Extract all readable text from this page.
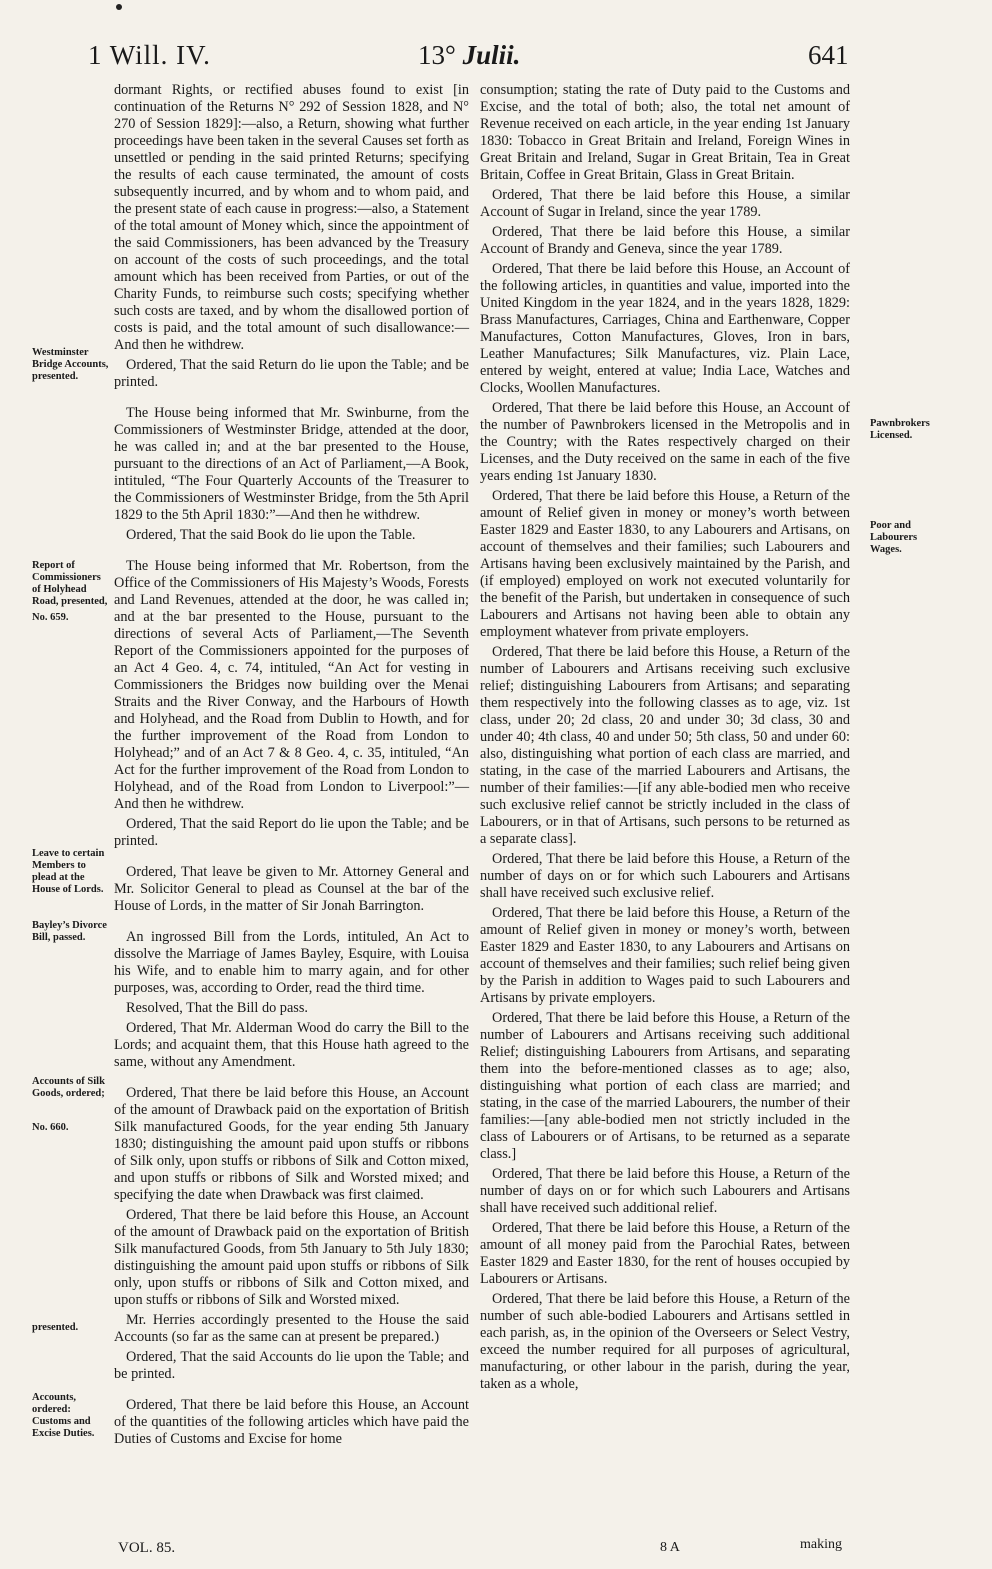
1 Will. IV.	13° Julii.	641

dormant Rights, or rectified abuses found to exist [in continuation of the Returns N° 292 of Session 1828, and N° 270 of Session 1829]:—also, a Return, showing what further proceedings have been taken in the several Causes set forth as unsettled or pending in the said printed Returns; specifying the results of each cause terminated, the amount of costs subsequently incurred, and by whom and to whom paid, and the present state of each cause in progress:—also, a Statement of the total amount of Money which, since the appointment of the said Commissioners, has been advanced by the Treasury on account of the costs of such proceedings, and the total amount which has been received from Parties, or out of the Charity Funds, to reimburse such costs; specifying whether such costs are taxed, and by whom the disallowed portion of costs is paid, and the total amount of such disallowance:—And then he withdrew.

Ordered, That the said Return do lie upon the Table; and be printed.

The House being informed that Mr. Swinburne, from the Commissioners of Westminster Bridge, attended at the door, he was called in; and at the bar presented to the House, pursuant to the directions of an Act of Parliament,—A Book, intituled, “The Four Quarterly Accounts of the Treasurer to the Commissioners of Westminster Bridge, from the 5th April 1829 to the 5th April 1830:”—And then he withdrew.

Ordered, That the said Book do lie upon the Table.

The House being informed that Mr. Robertson, from the Office of the Commissioners of His Majesty’s Woods, Forests and Land Revenues, attended at the door, he was called in; and at the bar presented to the House, pursuant to the directions of several Acts of Parliament,—The Seventh Report of the Commissioners appointed for the purposes of an Act 4 Geo. 4, c. 74, intituled, “An Act for vesting in Commissioners the Bridges now building over the Menai Straits and the River Conway, and the Harbours of Howth and Holyhead, and the Road from Dublin to Howth, and for the further improvement of the Road from London to Holyhead;” and of an Act 7 & 8 Geo. 4, c. 35, intituled, “An Act for the further improvement of the Road from London to Holyhead, and of the Road from London to Liverpool:”—And then he withdrew.

Ordered, That the said Report do lie upon the Table; and be printed.

Ordered, That leave be given to Mr. Attorney General and Mr. Solicitor General to plead as Counsel at the bar of the House of Lords, in the matter of Sir Jonah Barrington.

An ingrossed Bill from the Lords, intituled, An Act to dissolve the Marriage of James Bayley, Esquire, with Louisa his Wife, and to enable him to marry again, and for other purposes, was, according to Order, read the third time.

Resolved, That the Bill do pass.

Ordered, That Mr. Alderman Wood do carry the Bill to the Lords; and acquaint them, that this House hath agreed to the same, without any Amendment.

Ordered, That there be laid before this House, an Account of the amount of Drawback paid on the exportation of British Silk manufactured Goods, for the year ending 5th January 1830; distinguishing the amount paid upon stuffs or ribbons of Silk only, upon stuffs or ribbons of Silk and Cotton mixed, and upon stuffs or ribbons of Silk and Worsted mixed; and specifying the date when Drawback was first claimed.

Ordered, That there be laid before this House, an Account of the amount of Drawback paid on the exportation of British Silk manufactured Goods, from 5th January to 5th July 1830; distinguishing the amount paid upon stuffs or ribbons of Silk only, upon stuffs or ribbons of Silk and Cotton mixed, and upon stuffs or ribbons of Silk and Worsted mixed.

Mr. Herries accordingly presented to the House the said Accounts (so far as the same can at present be prepared.)

Ordered, That the said Accounts do lie upon the Table; and be printed.

Ordered, That there be laid before this House, an Account of the quantities of the following articles which have paid the Duties of Customs and Excise for home

consumption; stating the rate of Duty paid to the Customs and Excise, and the total of both; also, the total net amount of Revenue received on each article, in the year ending 1st January 1830: Tobacco in Great Britain and Ireland, Foreign Wines in Great Britain and Ireland, Sugar in Great Britain, Tea in Great Britain, Coffee in Great Britain, Glass in Great Britain.

Ordered, That there be laid before this House, a similar Account of Sugar in Ireland, since the year 1789.

Ordered, That there be laid before this House, a similar Account of Brandy and Geneva, since the year 1789.

Ordered, That there be laid before this House, an Account of the following articles, in quantities and value, imported into the United Kingdom in the year 1824, and in the years 1828, 1829: Brass Manufactures, Carriages, China and Earthenware, Copper Manufactures, Cotton Manufactures, Gloves, Iron in bars, Leather Manufactures; Silk Manufactures, viz. Plain Lace, entered by weight, entered at value; India Lace, Watches and Clocks, Woollen Manufactures.

Ordered, That there be laid before this House, an Account of the number of Pawnbrokers licensed in the Metropolis and in the Country; with the Rates respectively charged on their Licenses, and the Duty received on the same in each of the five years ending 1st January 1830.

Ordered, That there be laid before this House, a Return of the amount of Relief given in money or money’s worth between Easter 1829 and Easter 1830, to any Labourers and Artisans, on account of themselves and their families; such Labourers and Artisans having been exclusively maintained by the Parish, and (if employed) employed on work not executed voluntarily for the benefit of the Parish, but undertaken in consequence of such Labourers and Artisans not having been able to obtain any employment whatever from private employers.

Ordered, That there be laid before this House, a Return of the number of Labourers and Artisans receiving such exclusive relief; distinguishing Labourers from Artisans; and separating them respectively into the following classes as to age, viz. 1st class, under 20; 2d class, 20 and under 30; 3d class, 30 and under 40; 4th class, 40 and under 50; 5th class, 50 and under 60: also, distinguishing what portion of each class are married, and stating, in the case of the married Labourers and Artisans, the number of their families:—[if any able-bodied men who receive such exclusive relief cannot be strictly included in the class of Labourers, or in that of Artisans, such persons to be returned as a separate class].

Ordered, That there be laid before this House, a Return of the number of days on or for which such Labourers and Artisans shall have received such exclusive relief.

Ordered, That there be laid before this House, a Return of the amount of Relief given in money or money’s worth, between Easter 1829 and Easter 1830, to any Labourers and Artisans on account of themselves and their families; such relief being given by the Parish in addition to Wages paid to such Labourers and Artisans by private employers.

Ordered, That there be laid before this House, a Return of the number of Labourers and Artisans receiving such additional Relief; distinguishing Labourers from Artisans, and separating them into the before-mentioned classes as to age; also, distinguishing what portion of each class are married; and stating, in the case of the married Labourers, the number of their families:—[any able-bodied men not strictly included in the class of Labourers or of Artisans, to be returned as a separate class.]

Ordered, That there be laid before this House, a Return of the number of days on or for which such Labourers and Artisans shall have received such additional relief.

Ordered, That there be laid before this House, a Return of the amount of all money paid from the Parochial Rates, between Easter 1829 and Easter 1830, for the rent of houses occupied by Labourers or Artisans.

Ordered, That there be laid before this House, a Return of the number of such able-bodied Labourers and Artisans settled in each parish, as, in the opinion of the Overseers or Select Vestry, exceed the number required for all purposes of agricultural, manufacturing, or other labour in the parish, during the year, taken as a whole,

Westminster Bridge Accounts, presented.
Report of Commissioners of Holyhead Road, presented,
No. 659.
Leave to certain Members to plead at the House of Lords.
Bayley’s Divorce Bill, passed.
Accounts of Silk Goods, ordered;
No. 660.
presented.
Accounts, ordered: Customs and Excise Duties.
Pawnbrokers Licensed.
Poor and Labourers Wages.
VOL. 85.	8 A	making
